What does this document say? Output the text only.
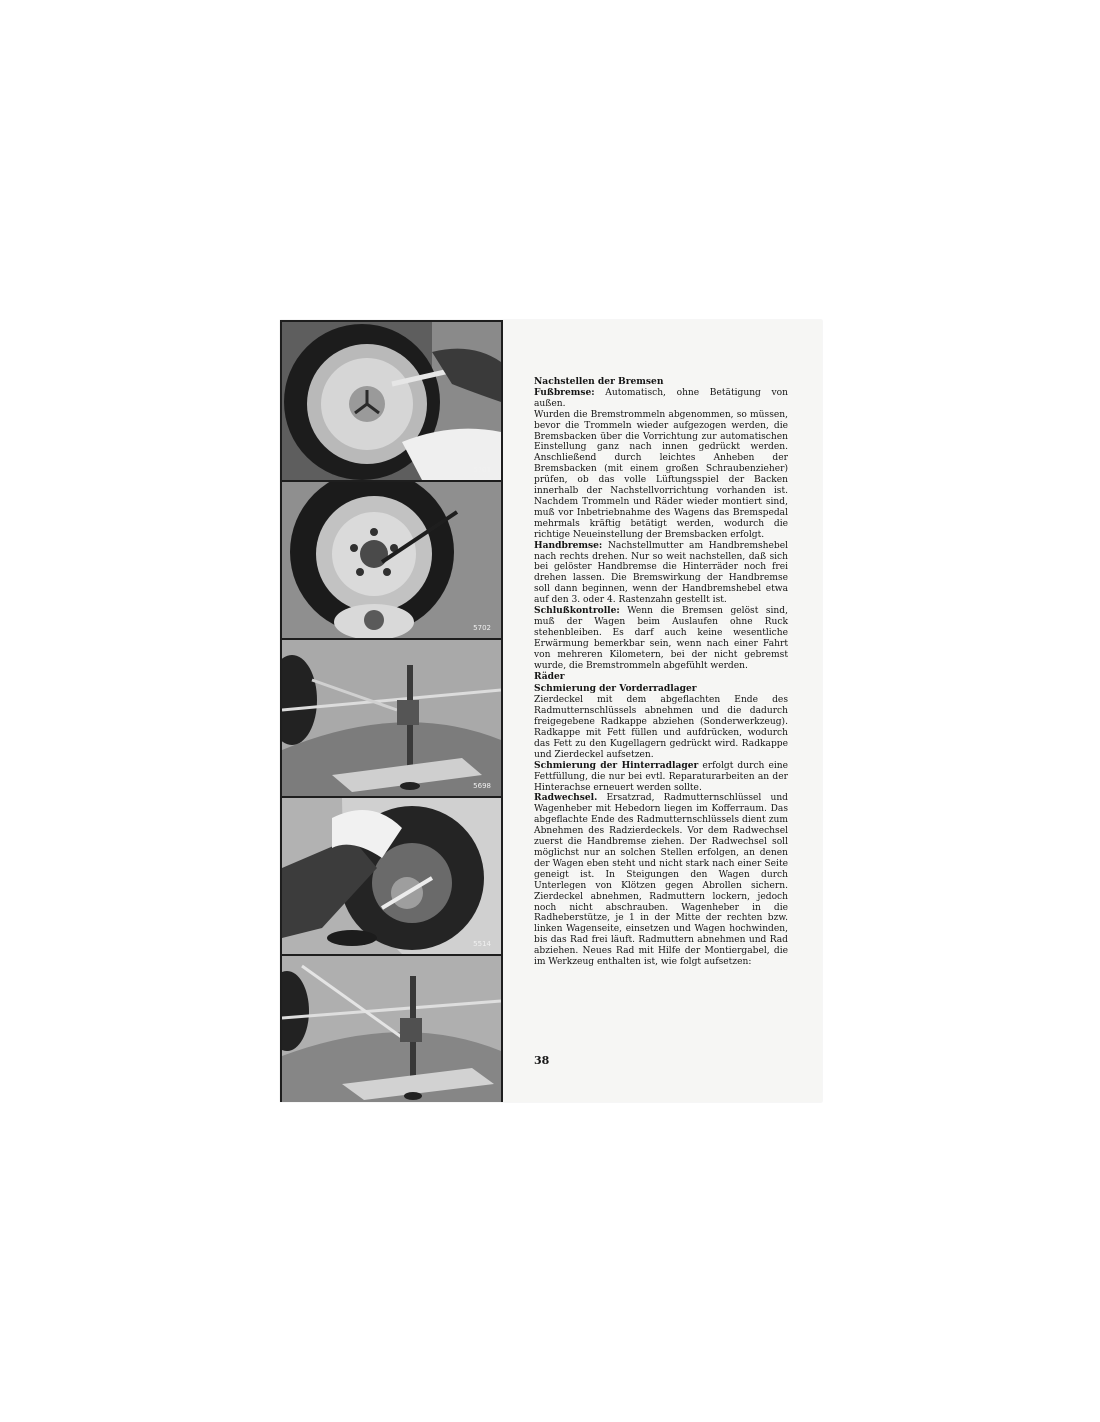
5701
5702
5698
5514

Nachstellen der Bremsen

Fußbremse: Automatisch, ohne Betätigung von außen.

Wurden die Bremstrommeln abgenommen, so müssen, bevor die Trommeln wieder aufgezogen werden, die Bremsbacken über die Vorrichtung zur automatischen Einstellung ganz nach innen gedrückt werden. Anschließend durch leichtes Anheben der Bremsbacken (mit einem großen Schraubenzieher) prüfen, ob das volle Lüftungsspiel der Backen innerhalb der Nachstellvorrichtung vorhanden ist. Nachdem Trommeln und Räder wieder montiert sind, muß vor Inbetriebnahme des Wagens das Bremspedal mehrmals kräftig betätigt werden, wodurch die richtige Neueinstellung der Bremsbacken erfolgt.

Handbremse: Nachstellmutter am Handbremshebel nach rechts drehen. Nur so weit nachstellen, daß sich bei gelöster Handbremse die Hinterräder noch frei drehen lassen. Die Bremswirkung der Handbremse soll dann beginnen, wenn der Handbremshebel etwa auf den 3. oder 4. Rastenzahn gestellt ist.

Schlußkontrolle: Wenn die Bremsen gelöst sind, muß der Wagen beim Auslaufen ohne Ruck stehenbleiben. Es darf auch keine wesentliche Erwärmung bemerkbar sein, wenn nach einer Fahrt von mehreren Kilometern, bei der nicht gebremst wurde, die Bremstrommeln abgefühlt werden.

Räder

Schmierung der Vorderradlager

Zierdeckel mit dem abgeflachten Ende des Radmutternschlüssels abnehmen und die dadurch freigegebene Radkappe abziehen (Sonderwerkzeug). Radkappe mit Fett füllen und aufdrücken, wodurch das Fett zu den Kugellagern gedrückt wird. Radkappe und Zierdeckel aufsetzen.

Schmierung der Hinterradlager erfolgt durch eine Fettfüllung, die nur bei evtl. Reparaturarbeiten an der Hinterachse erneuert werden sollte.

Radwechsel. Ersatzrad, Radmutternschlüssel und Wagenheber mit Hebedorn liegen im Kofferraum. Das abgeflachte Ende des Radmutternschlüssels dient zum Abnehmen des Radzierdeckels. Vor dem Radwechsel zuerst die Handbremse ziehen. Der Radwechsel soll möglichst nur an solchen Stellen erfolgen, an denen der Wagen eben steht und nicht stark nach einer Seite geneigt ist. In Steigungen den Wagen durch Unterlegen von Klötzen gegen Abrollen sichern. Zierdeckel abnehmen, Radmuttern lockern, jedoch noch nicht abschrauben. Wagenheber in die Radheberstütze, je 1 in der Mitte der rechten bzw. linken Wagenseite, einsetzen und Wagen hochwinden, bis das Rad frei läuft. Radmuttern abnehmen und Rad abziehen. Neues Rad mit Hilfe der Montiergabel, die im Werkzeug enthalten ist, wie folgt aufsetzen:

38
